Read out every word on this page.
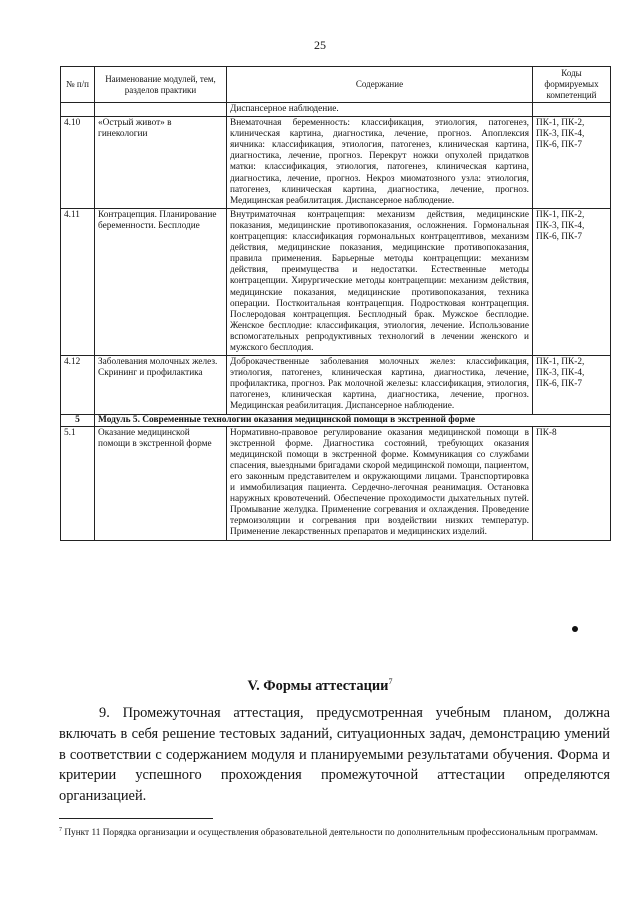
25
№ п/п	Наименование модулей, тем, разделов практики	Содержание	Коды формируемых компетенций
		Диспансерное наблюдение.	
4.10	«Острый живот» в гинекологии	Внематочная беременность: классификация, этиология, патогенез, клиническая картина, диагностика, лечение, прогноз. Апоплексия яичника: классификация, этиология, патогенез, клиническая картина, диагностика, лечение, прогноз. Перекрут ножки опухолей придатков матки: классификация, этиология, патогенез, клиническая картина, диагностика, лечение, прогноз. Некроз миоматозного узла: этиология, патогенез, клиническая картина, диагностика, лечение, прогноз. Медицинская реабилитация. Диспансерное наблюдение.	ПК-1, ПК-2, ПК-3, ПК-4, ПК-6, ПК-7
4.11	Контрацепция. Планирование беременности. Бесплодие	Внутриматочная контрацепция: механизм действия, медицинские показания, медицинские противопоказания, осложнения. Гормональная контрацепция: классификация гормональных контрацептивов, механизм действия, медицинские показания, медицинские противопоказания, правила применения. Барьерные методы контрацепции: механизм действия, преимущества и недостатки. Естественные методы контрацепции. Хирургические методы контрацепции: механизм действия, медицинские показания, медицинские противопоказания, техника операции. Посткоитальная контрацепция. Подростковая контрацепция. Послеродовая контрацепция. Бесплодный брак. Мужское бесплодие. Женское бесплодие: классификация, этиология, лечение. Использование вспомогательных репродуктивных технологий в лечении женского и мужского бесплодия.	ПК-1, ПК-2, ПК-3, ПК-4, ПК-6, ПК-7
4.12	Заболевания молочных желез. Скрининг и профилактика	Доброкачественные заболевания молочных желез: классификация, этиология, патогенез, клиническая картина, диагностика, лечение, профилактика, прогноз. Рак молочной железы: классификация, этиология, патогенез, клиническая картина, диагностика, лечение, прогноз. Медицинская реабилитация. Диспансерное наблюдение.	ПК-1, ПК-2, ПК-3, ПК-4, ПК-6, ПК-7
5	Модуль 5. Современные технологии оказания медицинской помощи в экстренной форме		
5.1	Оказание медицинской помощи в экстренной форме	Нормативно-правовое регулирование оказания медицинской помощи в экстренной форме. Диагностика состояний, требующих оказания медицинской помощи в экстренной форме. Коммуникация со службами спасения, выездными бригадами скорой медицинской помощи, пациентом, его законным представителем и окружающими лицами. Транспортировка и иммобилизация пациента. Сердечно-легочная реанимация. Остановка наружных кровотечений. Обеспечение проходимости дыхательных путей. Промывание желудка. Применение согревания и охлаждения. Проведение термоизоляции и согревания при воздействии низких температур. Применение лекарственных препаратов и медицинских изделий.	ПК-8
V. Формы аттестации$^7$

9. Промежуточная аттестация, предусмотренная учебным планом, должна включать в себя решение тестовых заданий, ситуационных задач, демонстрацию умений в соответствии с содержанием модуля и планируемыми результатами обучения. Форма и критерии успешного прохождения промежуточной аттестации определяются организацией.

$^7$ Пункт 11 Порядка организации и осуществления образовательной деятельности по дополнительным профессиональным программам.
